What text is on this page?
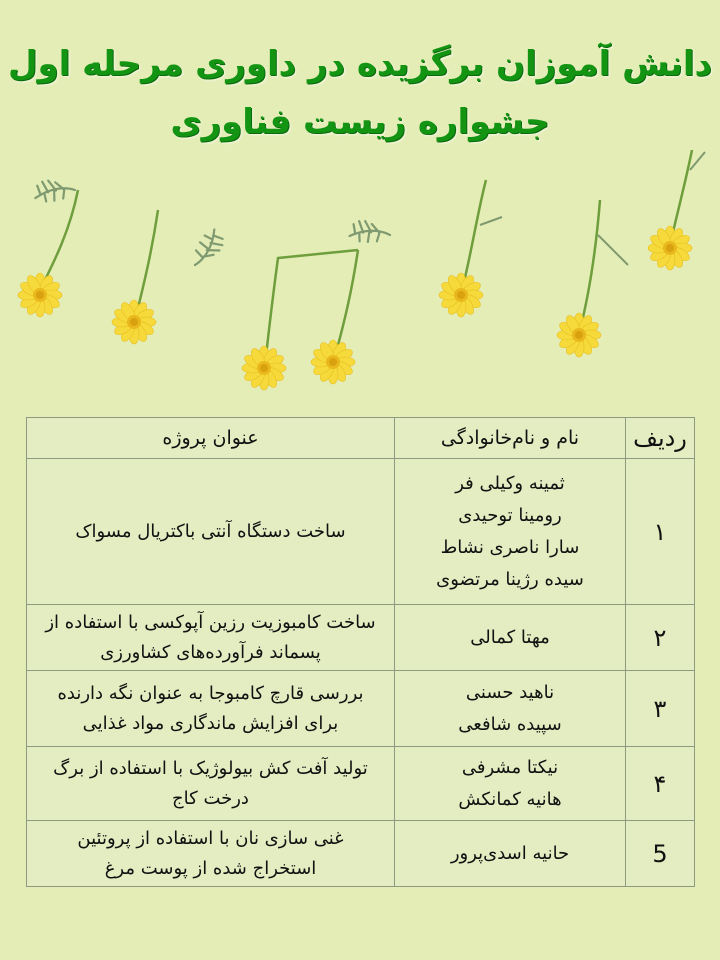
دانش آموزان برگزیده در داوری مرحله اول
جشواره زیست فناوری
ردیف	نام و نام‌خانوادگی	عنوان پروژه
۱	ثمینه وکیلی فر
رومینا توحیدی
سارا ناصری نشاط
سیده رژینا مرتضوی	ساخت دستگاه آنتی باکتریال مسواک

۲	مهتا کمالی	ساخت کامبوزیت رزین آپوکسی با استفاده از
پسماند فرآورده‌های کشاورزی

۳	ناهید حسنی
سپیده شافعی	بررسی قارچ کامبوجا به عنوان نگه دارنده
برای افزایش ماندگاری مواد غذایی

۴	نیکتا مشرفی
هانیه کمانکش	تولید آفت کش بیولوژیک با استفاده از برگ
درخت کاج

5	حانیه اسدی‌پرور	غنی سازی نان با استفاده از پروتئین
استخراج شده از پوست مرغ
